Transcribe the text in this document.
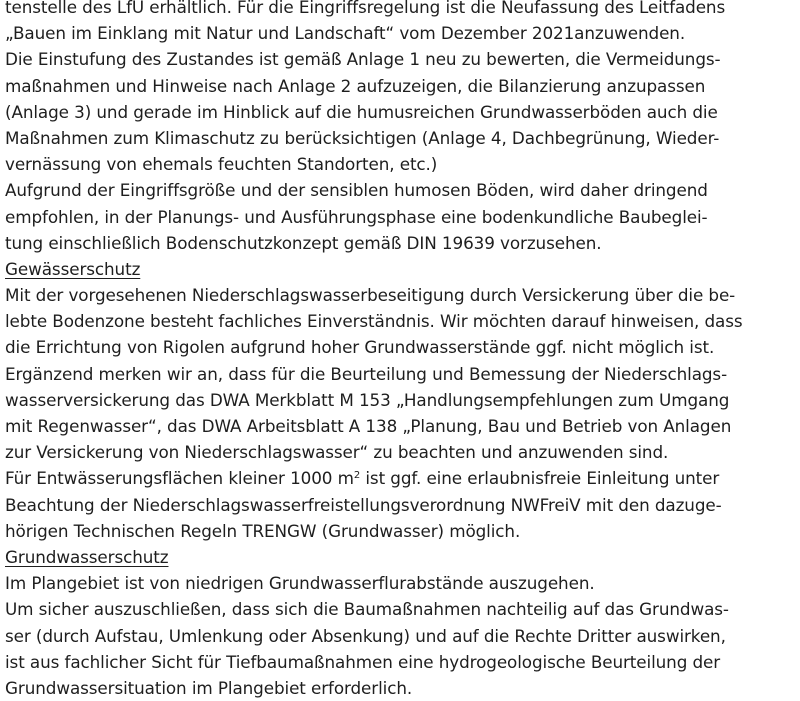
tenstelle des LfU erhältlich. Für die Eingriffsregelung ist die Neufassung des Leitfadens
„Bauen im Einklang mit Natur und Landschaft“ vom Dezember 2021anzuwenden.
Die Einstufung des Zustandes ist gemäß Anlage 1 neu zu bewerten, die Vermeidungs-
maßnahmen und Hinweise nach Anlage 2 aufzuzeigen, die Bilanzierung anzupassen
(Anlage 3) und gerade im Hinblick auf die humusreichen Grundwasserböden auch die
Maßnahmen zum Klimaschutz zu berücksichtigen (Anlage 4, Dachbegrünung, Wieder-
vernässung von ehemals feuchten Standorten, etc.)
Aufgrund der Eingriffsgröße und der sensiblen humosen Böden, wird daher dringend
empfohlen, in der Planungs- und Ausführungsphase eine bodenkundliche Baubeglei-
tung einschließlich Bodenschutzkonzept gemäß DIN 19639 vorzusehen.
Gewässerschutz
Mit der vorgesehenen Niederschlagswasserbeseitigung durch Versickerung über die be-
lebte Bodenzone besteht fachliches Einverständnis. Wir möchten darauf hinweisen, dass
die Errichtung von Rigolen aufgrund hoher Grundwasserstände ggf. nicht möglich ist.
Ergänzend merken wir an, dass für die Beurteilung und Bemessung der Niederschlags-
wasserversickerung das DWA Merkblatt M 153 „Handlungsempfehlungen zum Umgang
mit Regenwasser“, das DWA Arbeitsblatt A 138 „Planung, Bau und Betrieb von Anlagen
zur Versickerung von Niederschlagswasser“ zu beachten und anzuwenden sind.
Für Entwässerungsflächen kleiner 1000 $m^2$ ist ggf. eine erlaubnisfreie Einleitung unter
Beachtung der Niederschlagswasserfreistellungsverordnung NWFreiV mit den dazuge-
hörigen Technischen Regeln TRENGW (Grundwasser) möglich.
Grundwasserschutz
Im Plangebiet ist von niedrigen Grundwasserflurabstände auszugehen.
Um sicher auszuschließen, dass sich die Baumaßnahmen nachteilig auf das Grundwas-
ser (durch Aufstau, Umlenkung oder Absenkung) und auf die Rechte Dritter auswirken,
ist aus fachlicher Sicht für Tiefbaumaßnahmen eine hydrogeologische Beurteilung der
Grundwassersituation im Plangebiet erforderlich.
